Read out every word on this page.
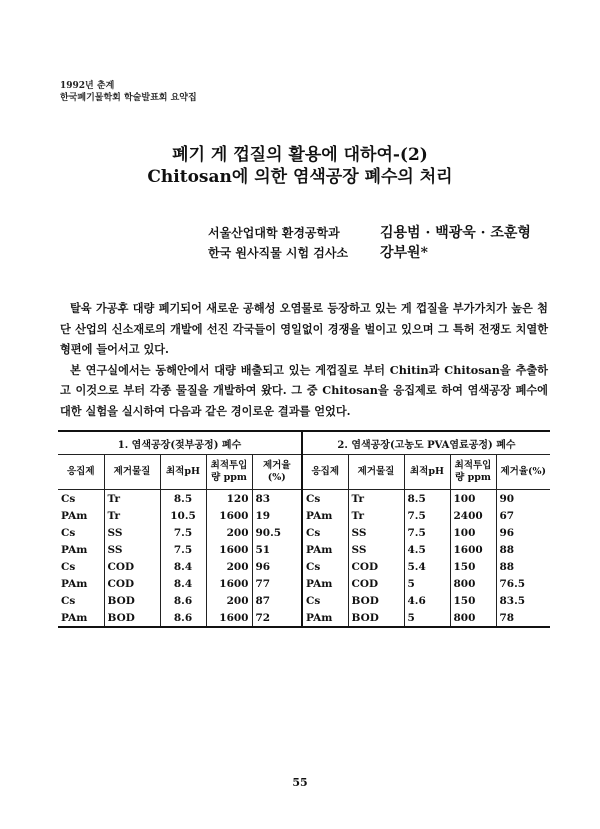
1992년 춘계
한국폐기물학회 학술발표회 요약집
폐기 게 껍질의 활용에 대하여-(2)
Chitosan에 의한 염색공장 폐수의 처리
서울산업대학 환경공학과	김용범 · 백광욱 · 조훈형
한국 원사직물 시험 검사소 강부원*

탈육 가공후 대량 폐기되어 새로운 공해성 오염물로 등장하고 있는 게 껍질을 부가가치가 높은 첨단 산업의 신소재로의 개발에 선진 각국들이 영일없이 경쟁을 벌이고 있으며 그 특허 전쟁도 치열한 형편에 들어서고 있다.

본 연구실에서는 동해안에서 대량 배출되고 있는 게껍질로 부터 Chitin과 Chitosan을 추출하고 이것으로 부터 각종 물질을 개발하여 왔다. 그 중 Chitosan을 응집제로 하여 염색공장 폐수에 대한 실험을 실시하여 다음과 같은 경이로운 결과를 얻었다.

1. 염색공장(젖부공정) 폐수					2. 염색공장(고농도 PVA염료공정) 폐수				
응집제	제거물질	최적pH	최적투입량 ppm	제거율(%)	응집제	제거물질	최적pH	최적투입량 ppm	제거율(%)
Cs	Tr	8.5	120	83	Cs	Tr	8.5	100	90
PAm	Tr	10.5	1600	19	PAm	Tr	7.5	2400	67
Cs	SS	7.5	200	90.5	Cs	SS	7.5	100	96
PAm	SS	7.5	1600	51	PAm	SS	4.5	1600	88
Cs	COD	8.4	200	96	Cs	COD	5.4	150	88
PAm	COD	8.4	1600	77	PAm	COD	5	800	76.5
Cs	BOD	8.6	200	87	Cs	BOD	4.6	150	83.5
PAm	BOD	8.6	1600	72	PAm	BOD	5	800	78
55
